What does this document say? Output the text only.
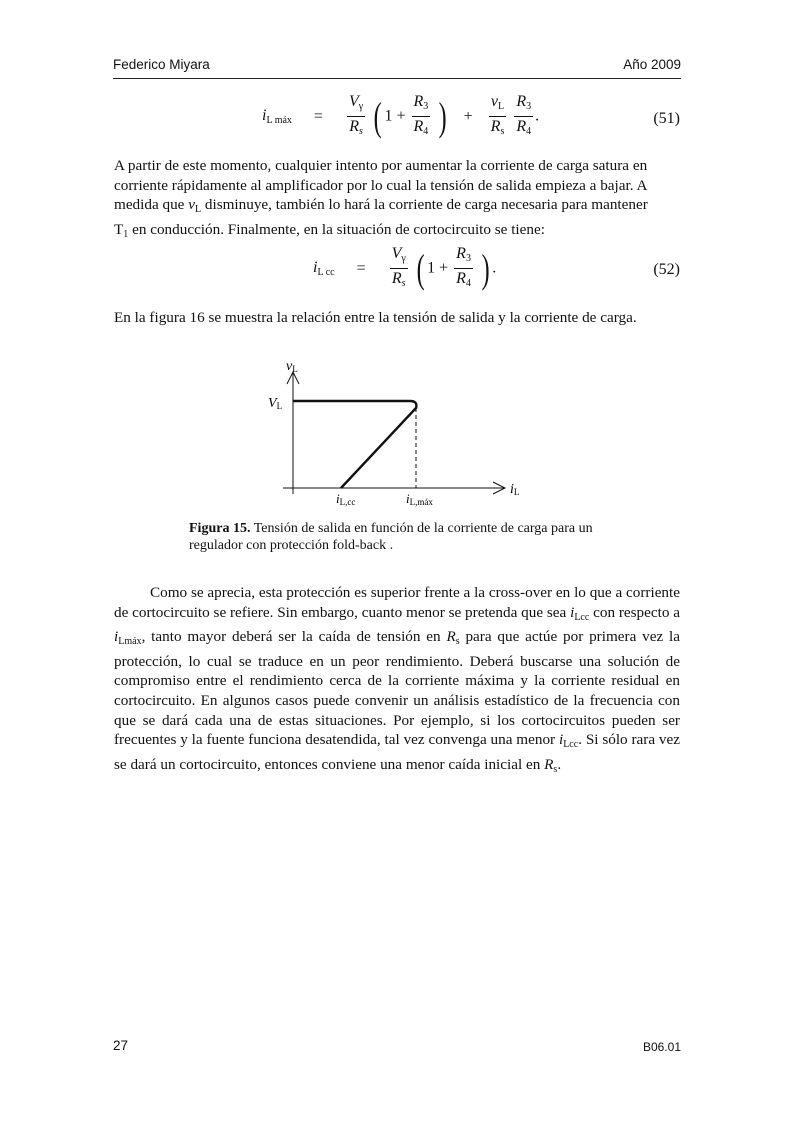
Federico Miyara	Año 2009
$i_{L máx} = \frac{V_\gamma}{R_s}$ ( $1 + \frac{R_3}{R_4}$ ) + $\frac{v_L}{R_s}$
$\frac{R_3}{R_4}$ .	(51)
A partir de este momento, cualquier intento por aumentar la corriente de carga satura en
corriente rápidamente al amplificador por lo cual la tensión de salida empieza a bajar. A
medida que $v_L$ disminuye, también lo hará la corriente de carga necesaria para mantener
$T_1$ en conducción. Finalmente, en la situación de cortocircuito se tiene:
$i_{L cc} = \frac{V_\gamma}{R_s}$ ( $1 + \frac{R_3}{R_4}$ ) .	(52)
En la figura 16 se muestra la relación entre la tensión de salida y la corriente de carga.
vL
VL
iL
iL,cc	iL,máx
Figura 15. Tensión de salida en función de la corriente de carga para un regulador con protección fold-back .
Como se aprecia, esta protección es superior frente a la cross-over en lo que a corriente de cortocircuito se refiere. Sin embargo, cuanto menor se pretenda que sea $i_{Lcc}$ con respecto a $i_{Lmáx}$, tanto mayor deberá ser la caída de tensión en $R_s$ para que actúe por primera vez la protección, lo cual se traduce en un peor rendimiento. Deberá buscarse una solución de compromiso entre el rendimiento cerca de la corriente máxima y la corriente residual en cortocircuito. En algunos casos puede convenir un análisis estadístico de la frecuencia con que se dará cada una de estas situaciones. Por ejemplo, si los cortocircuitos pueden ser frecuentes y la fuente funciona desatendida, tal vez convenga una menor $i_{Lcc}$. Si sólo rara vez se dará un cortocircuito, entonces conviene una menor caída inicial en $R_s$.
27	B06.01
